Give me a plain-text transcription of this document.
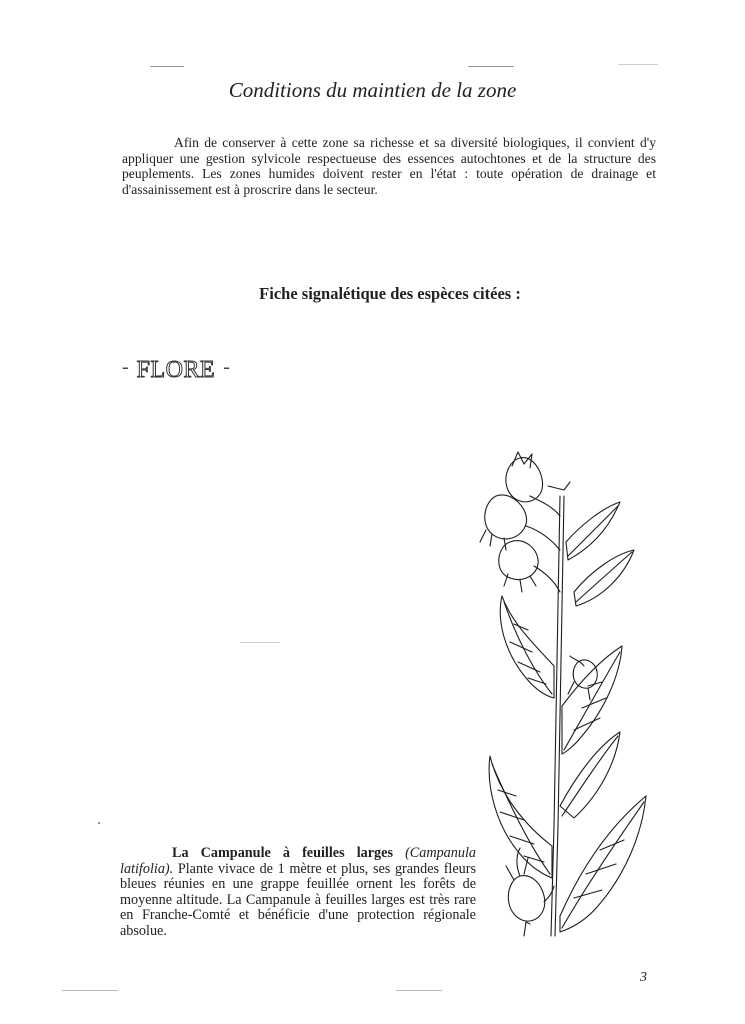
Conditions du maintien de la zone
Afin de conserver à cette zone sa richesse et sa diversité biologiques, il convient d'y appliquer une gestion sylvicole respectueuse des essences autochtones et de la structure des peuplements. Les zones humides doivent rester en l'état : toute opération de drainage et d'assainissement est à proscrire dans le secteur.
Fiche signalétique des espèces citées :
- FLORE -
La Campanule à feuilles larges (Campanula latifolia). Plante vivace de 1 mètre et plus, ses grandes fleurs bleues réunies en une grappe feuillée ornent les forêts de moyenne altitude. La Campanule à feuilles larges est très rare en Franche-Comté et bénéficie d'une protection régionale absolue.
3
